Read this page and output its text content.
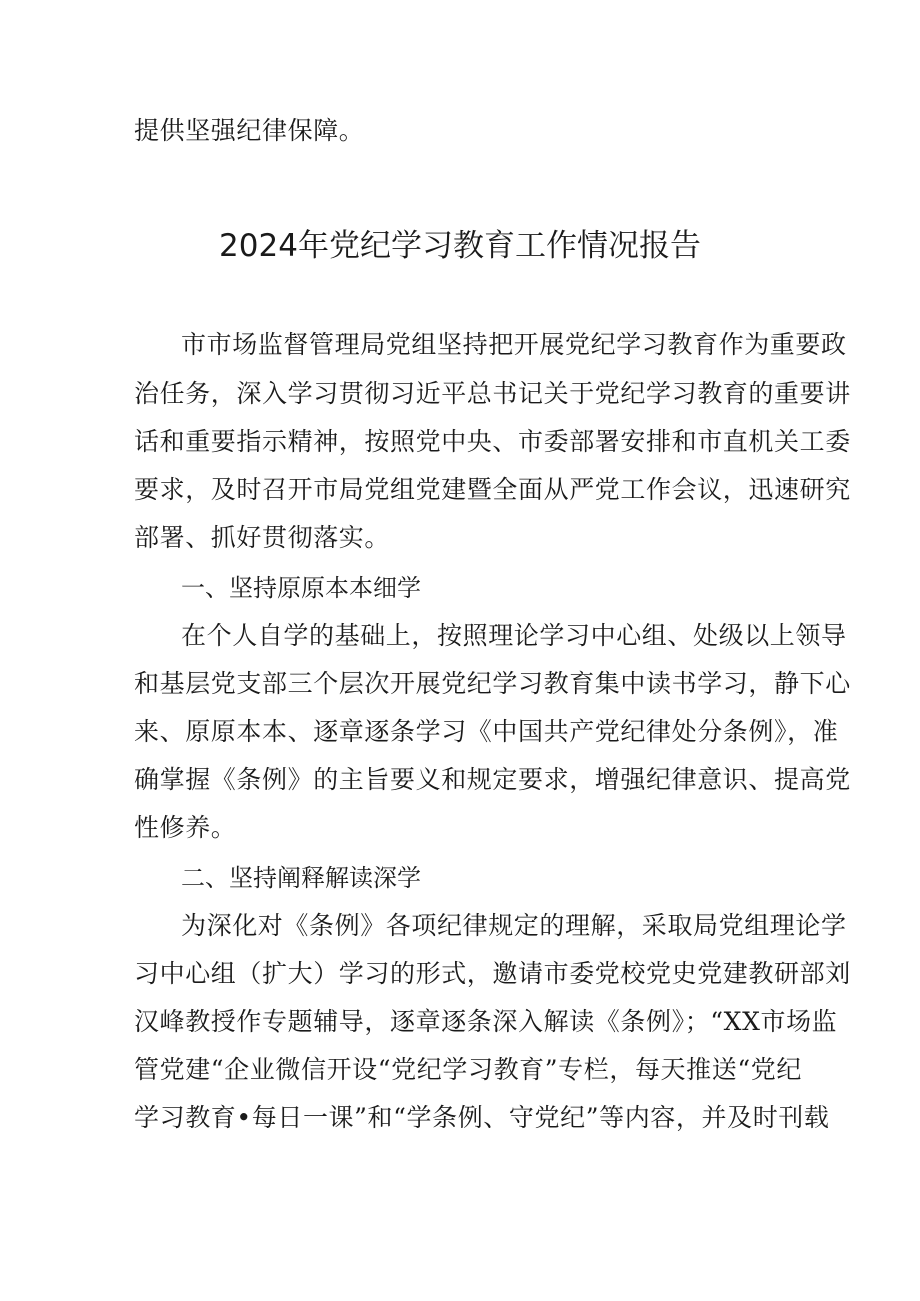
提供坚强纪律保障。
2024年党纪学习教育工作情况报告
市市场监督管理局党组坚持把开展党纪学习教育作为重要政
治任务，深入学习贯彻习近平总书记关于党纪学习教育的重要讲
话和重要指示精神，按照党中央、市委部署安排和市直机关工委
要求，及时召开市局党组党建暨全面从严党工作会议，迅速研究
部署、抓好贯彻落实。
一、坚持原原本本细学
在个人自学的基础上，按照理论学习中心组、处级以上领导
和基层党支部三个层次开展党纪学习教育集中读书学习，静下心
来、原原本本、逐章逐条学习《中国共产党纪律处分条例》，准
确掌握《条例》的主旨要义和规定要求，增强纪律意识、提高党
性修养。
二、坚持阐释解读深学
为深化对《条例》各项纪律规定的理解，采取局党组理论学
习中心组（扩大）学习的形式，邀请市委党校党史党建教研部刘
汉峰教授作专题辅导，逐章逐条深入解读《条例》；“XX市场监
管党建“企业微信开设“党纪学习教育”专栏，每天推送“党纪
学习教育•每日一课”和“学条例、守党纪”等内容，并及时刊载
